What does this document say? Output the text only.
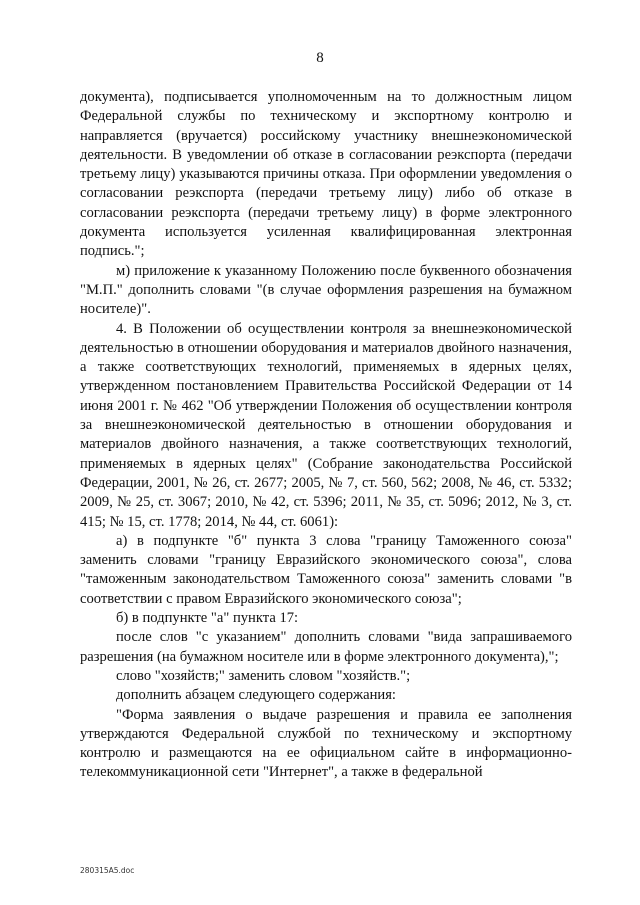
8

документа), подписывается уполномоченным на то должностным лицом Федеральной службы по техническому и экспортному контролю и направляется (вручается) российскому участнику внешнеэкономической деятельности. В уведомлении об отказе в согласовании реэкспорта (передачи третьему лицу) указываются причины отказа. При оформлении уведомления о согласовании реэкспорта (передачи третьему лицу) либо об отказе в согласовании реэкспорта (передачи третьему лицу) в форме электронного документа используется усиленная квалифицированная электронная подпись.";

м) приложение к указанному Положению после буквенного обозначения "М.П." дополнить словами "(в случае оформления разрешения на бумажном носителе)".

4. В Положении об осуществлении контроля за внешнеэкономической деятельностью в отношении оборудования и материалов двойного назначения, а также соответствующих технологий, применяемых в ядерных целях, утвержденном постановлением Правительства Российской Федерации от 14 июня 2001 г. № 462 "Об утверждении Положения об осуществлении контроля за внешнеэкономической деятельностью в отношении оборудования и материалов двойного назначения, а также соответствующих технологий, применяемых в ядерных целях" (Собрание законодательства Российской Федерации, 2001, № 26, ст. 2677; 2005, № 7, ст. 560, 562; 2008, № 46, ст. 5332; 2009, № 25, ст. 3067; 2010, № 42, ст. 5396; 2011, № 35, ст. 5096; 2012, № 3, ст. 415; № 15, ст. 1778; 2014, № 44, ст. 6061):

а) в подпункте "б" пункта 3 слова "границу Таможенного союза" заменить словами "границу Евразийского экономического союза", слова "таможенным законодательством Таможенного союза" заменить словами "в соответствии с правом Евразийского экономического союза";

б) в подпункте "а" пункта 17:

после слов "с указанием" дополнить словами "вида запрашиваемого разрешения (на бумажном носителе или в форме электронного документа),";

слово "хозяйств;" заменить словом "хозяйств.";

дополнить абзацем следующего содержания:

"Форма заявления о выдаче разрешения и правила ее заполнения утверждаются Федеральной службой по техническому и экспортному контролю и размещаются на ее официальном сайте в информационно-телекоммуникационной сети "Интернет", а также в федеральной

280315А5.doc
